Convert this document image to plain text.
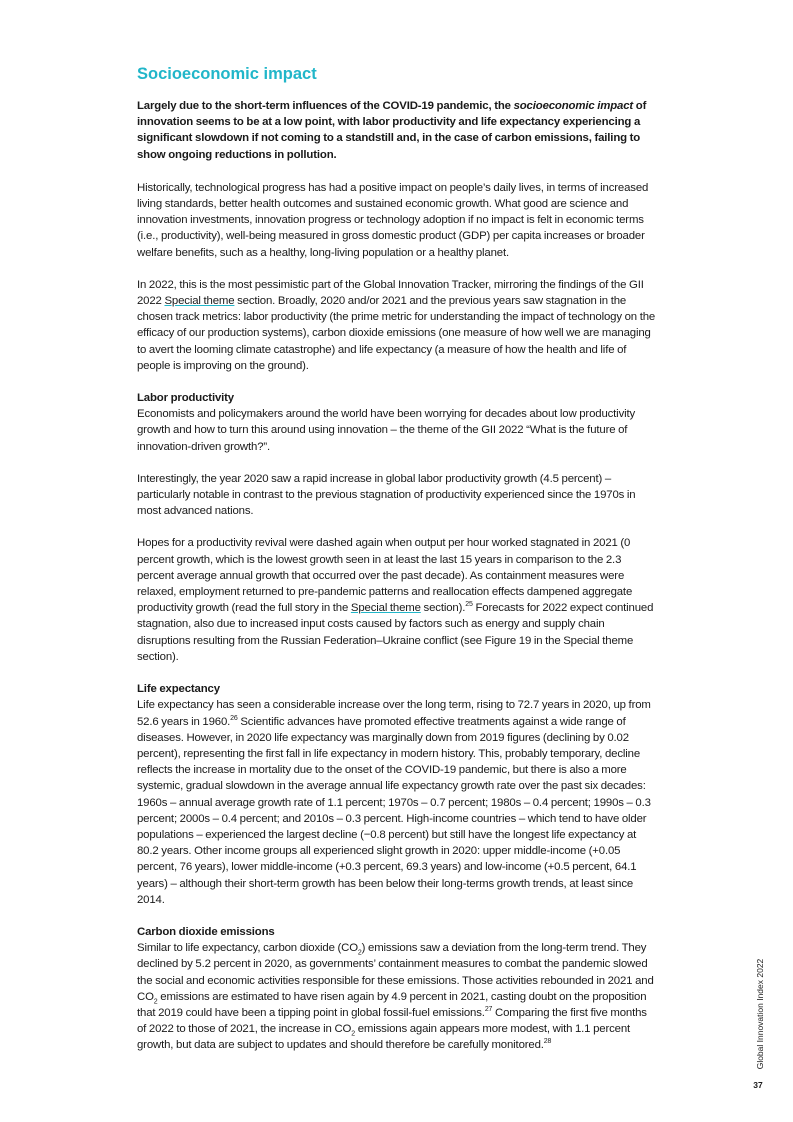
Socioeconomic impact

Largely due to the short-term influences of the COVID-19 pandemic, the socioeconomic impact of innovation seems to be at a low point, with labor productivity and life expectancy experiencing a significant slowdown if not coming to a standstill and, in the case of carbon emissions, failing to show ongoing reductions in pollution.

Historically, technological progress has had a positive impact on people’s daily lives, in terms of increased living standards, better health outcomes and sustained economic growth. What good are science and innovation investments, innovation progress or technology adoption if no impact is felt in economic terms (i.e., productivity), well-being measured in gross domestic product (GDP) per capita increases or broader welfare benefits, such as a healthy, long-living population or a healthy planet.

In 2022, this is the most pessimistic part of the Global Innovation Tracker, mirroring the findings of the GII 2022 Special theme section. Broadly, 2020 and/or 2021 and the previous years saw stagnation in the chosen track metrics: labor productivity (the prime metric for understanding the impact of technology on the efficacy of our production systems), carbon dioxide emissions (one measure of how well we are managing to avert the looming climate catastrophe) and life expectancy (a measure of how the health and life of people is improving on the ground).

Labor productivity
Economists and policymakers around the world have been worrying for decades about low productivity growth and how to turn this around using innovation – the theme of the GII 2022 “What is the future of innovation-driven growth?”.

Interestingly, the year 2020 saw a rapid increase in global labor productivity growth (4.5 percent) – particularly notable in contrast to the previous stagnation of productivity experienced since the 1970s in most advanced nations.

Hopes for a productivity revival were dashed again when output per hour worked stagnated in 2021 (0 percent growth, which is the lowest growth seen in at least the last 15 years in comparison to the 2.3 percent average annual growth that occurred over the past decade). As containment measures were relaxed, employment returned to pre-pandemic patterns and reallocation effects dampened aggregate productivity growth (read the full story in the Special theme section).$^{25}$ Forecasts for 2022 expect continued stagnation, also due to increased input costs caused by factors such as energy and supply chain disruptions resulting from the Russian Federation–Ukraine conflict (see Figure 19 in the Special theme section).

Life expectancy
Life expectancy has seen a considerable increase over the long term, rising to 72.7 years in 2020, up from 52.6 years in 1960.26 Scientific advances have promoted effective treatments against a wide range of diseases. However, in 2020 life expectancy was marginally down from 2019 figures (declining by 0.02 percent), representing the first fall in life expectancy in modern history. This, probably temporary, decline reflects the increase in mortality due to the onset of the COVID-19 pandemic, but there is also a more systemic, gradual slowdown in the average annual life expectancy growth rate over the past six decades: 1960s – annual average growth rate of 1.1 percent; 1970s – 0.7 percent; 1980s – 0.4 percent; 1990s – 0.3 percent; 2000s – 0.4 percent; and 2010s – 0.3 percent. High-income countries – which tend to have older populations – experienced the largest decline (−0.8 percent) but still have the longest life expectancy at 80.2 years. Other income groups all experienced slight growth in 2020: upper middle-income (+0.05 percent, 76 years), lower middle-income (+0.3 percent, 69.3 years) and low-income (+0.5 percent, 64.1 years) – although their short-term growth has been below their long-terms growth trends, at least since 2014.

Carbon dioxide emissions
Similar to life expectancy, carbon dioxide $(CO_2)$ emissions saw a deviation from the long-term trend. They declined by 5.2 percent in 2020, as governments’ containment measures to combat the pandemic slowed the social and economic activities responsible for these emissions. Those activities rebounded in 2021 and $CO_2$ emissions are estimated to have risen again by 4.9 percent in 2021, casting doubt on the proposition that 2019 could have been a tipping point in global fossil-fuel emissions.$^{27}$ Comparing the first five months of 2022 to those of 2021, the increase in $CO_2$ emissions again appears more modest, with 1.1 percent growth, but data are subject to updates and should therefore be carefully monitored.$^{28}$	Global Innovation Index 2022
37
